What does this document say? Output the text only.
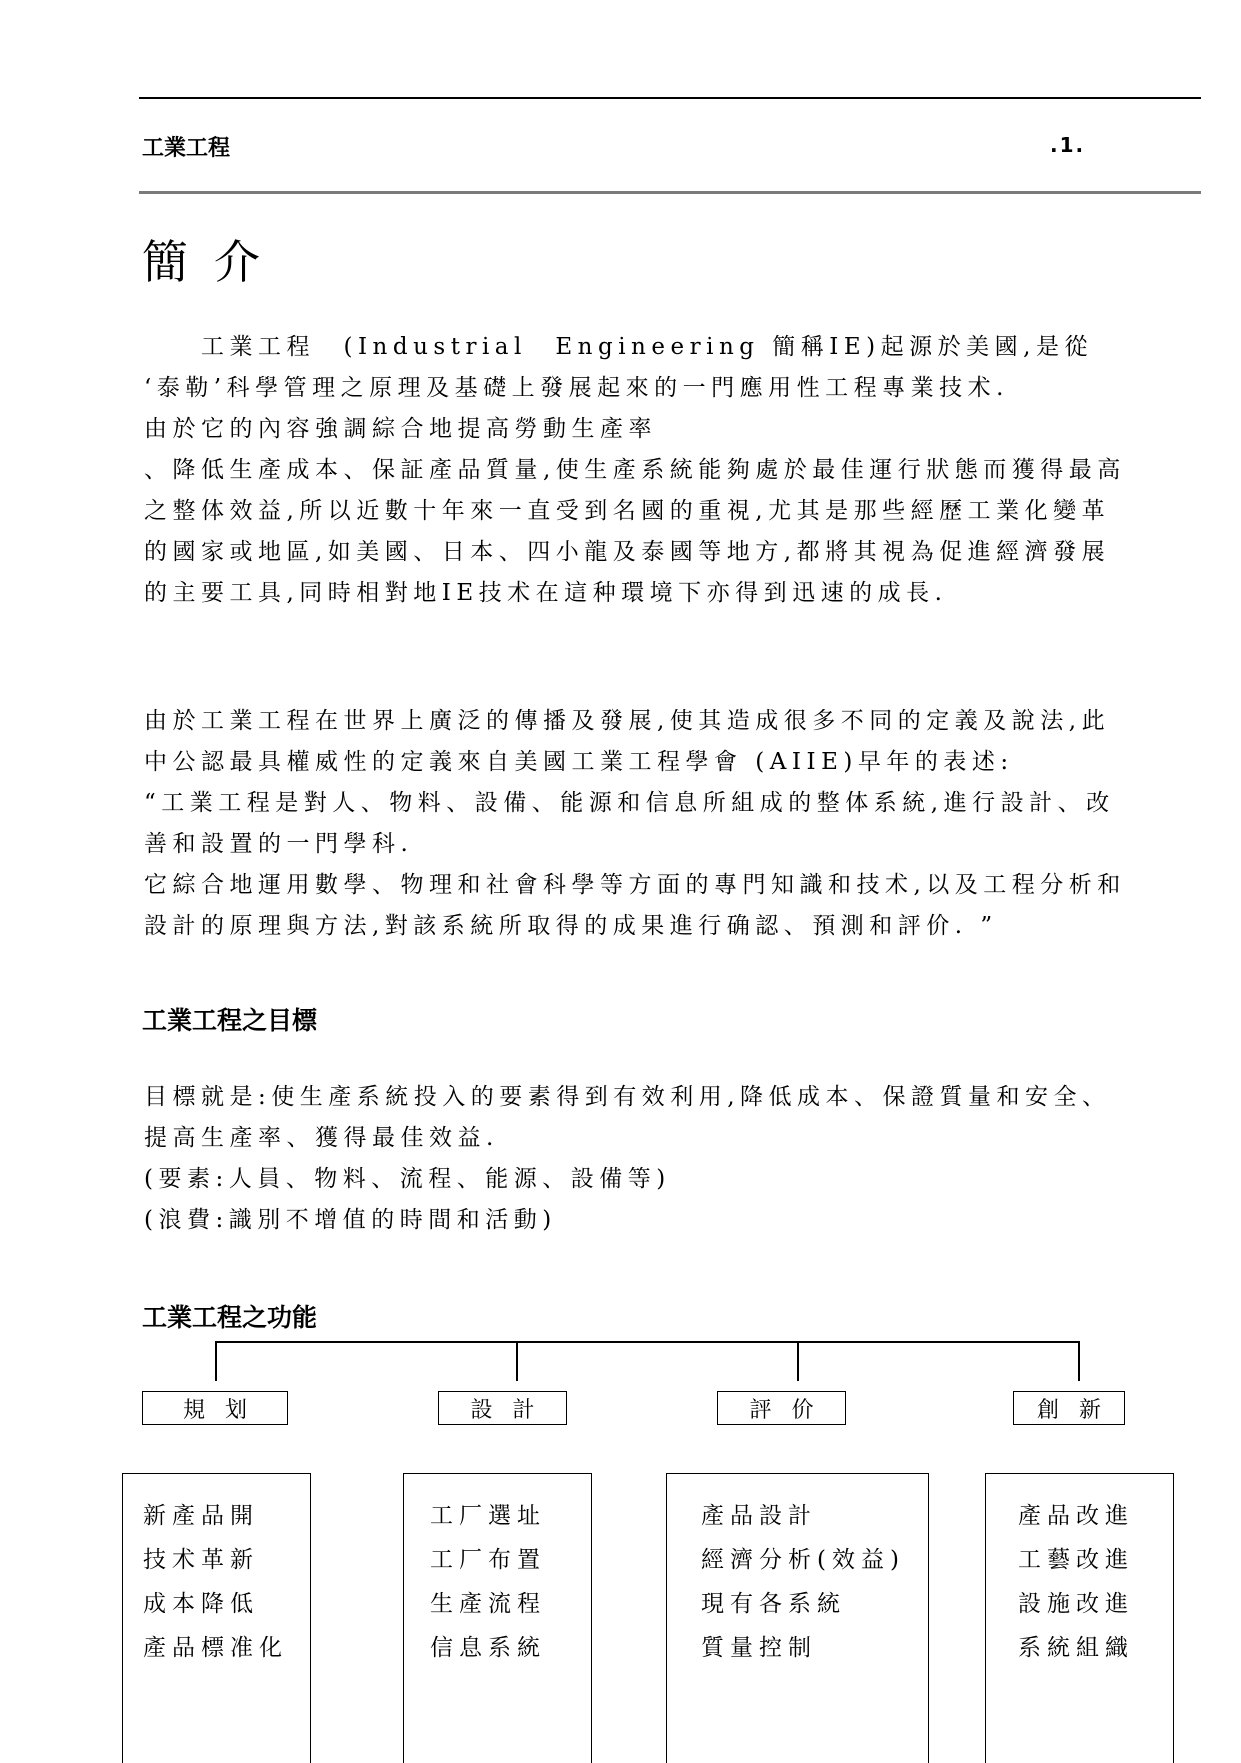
工業工程	.1.
簡介
　　工業工程　(Industrial　Engineering 簡稱IE)起源於美國,是從
‘泰勒’科學管理之原理及基礎上發展起來的一門應用性工程專業技术.
由於它的內容強調綜合地提高勞動生產率
、降低生產成本、保証產品質量,使生產系統能夠處於最佳運行狀態而獲得最高
之整体效益,所以近數十年來一直受到名國的重視,尤其是那些經歷工業化變革
的國家或地區,如美國、日本、四小龍及泰國等地方,都將其視為促進經濟發展
的主要工具,同時相對地IE技术在這种環境下亦得到迅速的成長.
由於工業工程在世界上廣泛的傳播及發展,使其造成很多不同的定義及說法,此
中公認最具權威性的定義來自美國工業工程學會 (AIIE)早年的表述:
“工業工程是對人、物料、設備、能源和信息所組成的整体系統,進行設計、改
善和設置的一門學科.
它綜合地運用數學、物理和社會科學等方面的專門知識和技术,以及工程分析和
設計的原理與方法,對該系統所取得的成果進行确認、預測和評价. ”
工業工程之目標
目標就是:使生產系統投入的要素得到有效利用,降低成本、保證質量和安全、
提高生產率、獲得最佳效益.
(要素:人員、物料、流程、能源、設備等)
(浪費:識別不增值的時間和活動)
工業工程之功能
規划	設計	評价	創新
新產品開
技术革新
成本降低
產品標准化
工厂選址
工厂布置
生產流程
信息系統
產品設計
經濟分析(效益)
現有各系統
質量控制
產品改進
工藝改進
設施改進
系統組織
